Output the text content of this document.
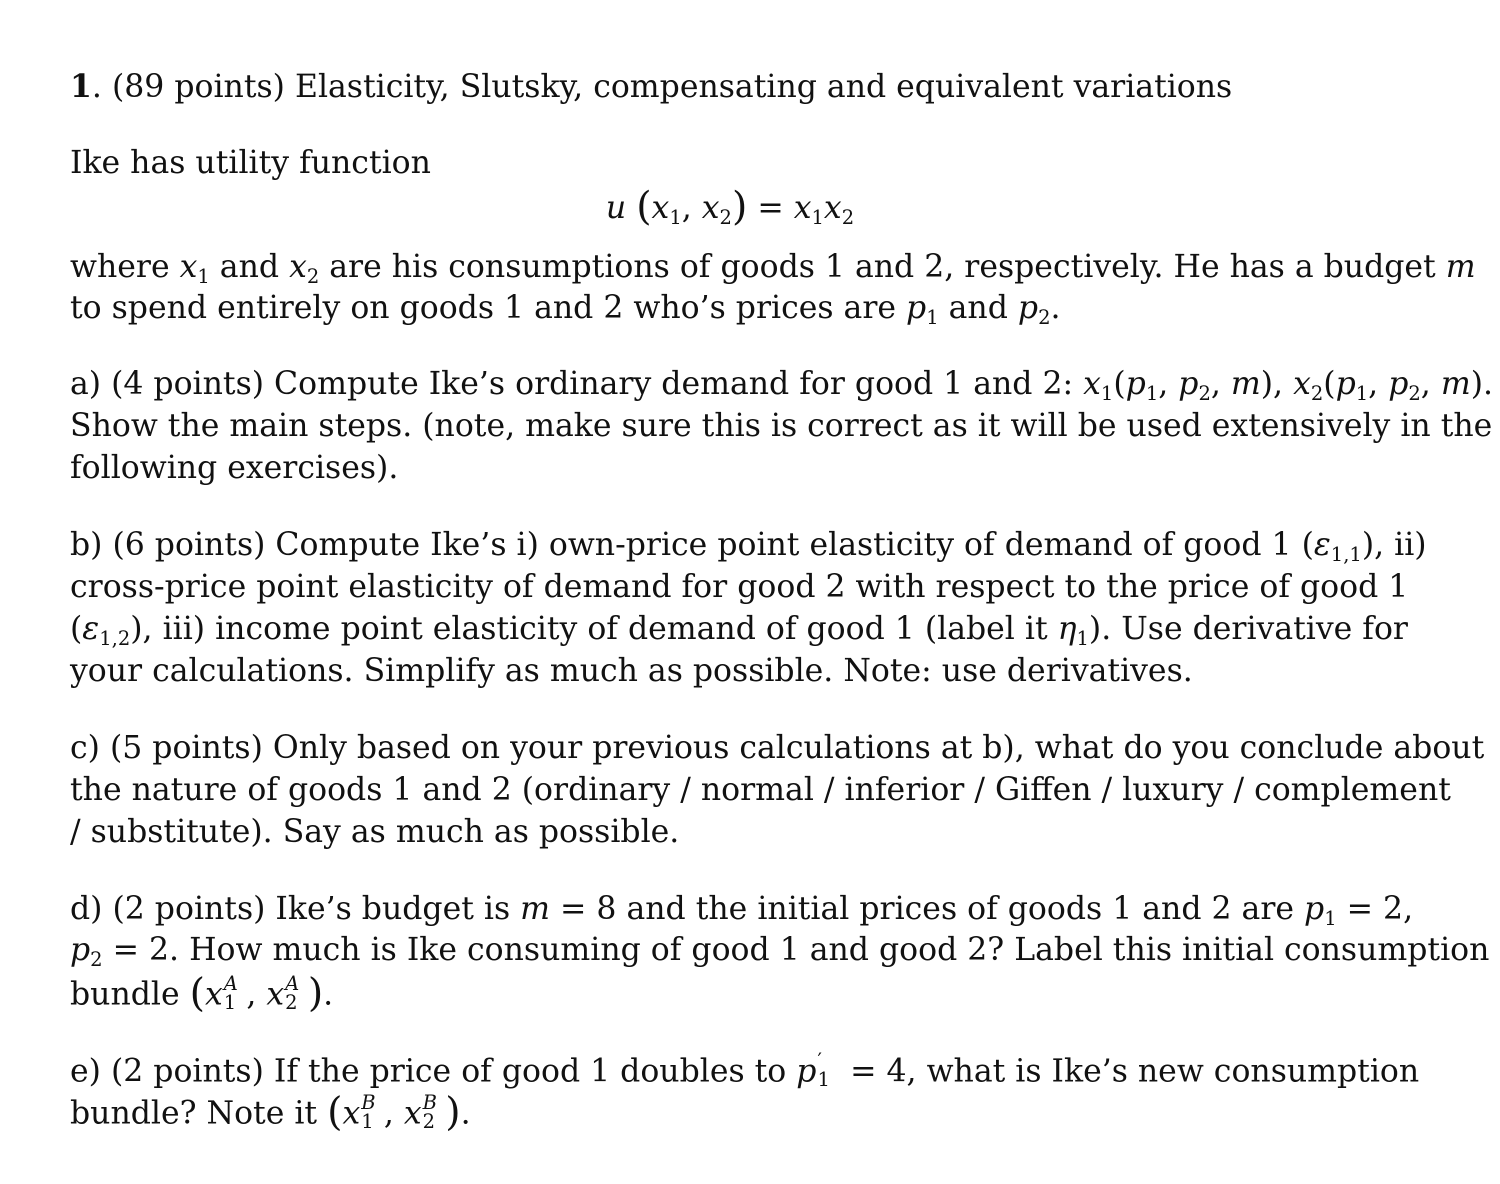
1. (89 points) Elasticity, Slutsky, compensating and equivalent variations
Ike has utility function
u ($x_1$, $x_2) = x_1x_2$
where $x_1$ and $x_2$ are his consumptions of goods 1 and 2, respectively. He has a budget m
to spend entirely on goods 1 and 2 who’s prices are $p_1$ and $p_2$.
a) (4 points) Compute Ike’s ordinary demand for good 1 and 2: $x_1(p_1$, $p_2$, m), $x_2(p_1$, $p_2$, m).
Show the main steps. (note, make sure this is correct as it will be used extensively in the
following exercises).
b) (6 points) Compute Ike’s i) own-price point elasticity of demand of good 1 $(\varepsilon_{1,1})$, ii)
cross-price point elasticity of demand for good 2 with respect to the price of good 1
$(\varepsilon_{1,2})$, iii) income point elasticity of demand of good 1 (label it $\eta_1$). Use derivative for
your calculations. Simplify as much as possible. Note: use derivatives.
c) (5 points) Only based on your previous calculations at b), what do you conclude about
the nature of goods 1 and 2 (ordinary / normal / inferior / Giffen / luxury / complement
/ substitute). Say as much as possible.
d) (2 points) Ike’s budget is m = 8 and the initial prices of goods 1 and 2 are $p_1 = 2$,
$p_2 = 2$. How much is Ike consuming of good 1 and good 2? Label this initial consumption
bundle (x A
1 , x A
2 ).
e) (2 points) If the price of good 1 doubles to p ′
1 = 4, what is Ike’s new consumption
bundle? Note it (x B
1 , x B
2 ).
